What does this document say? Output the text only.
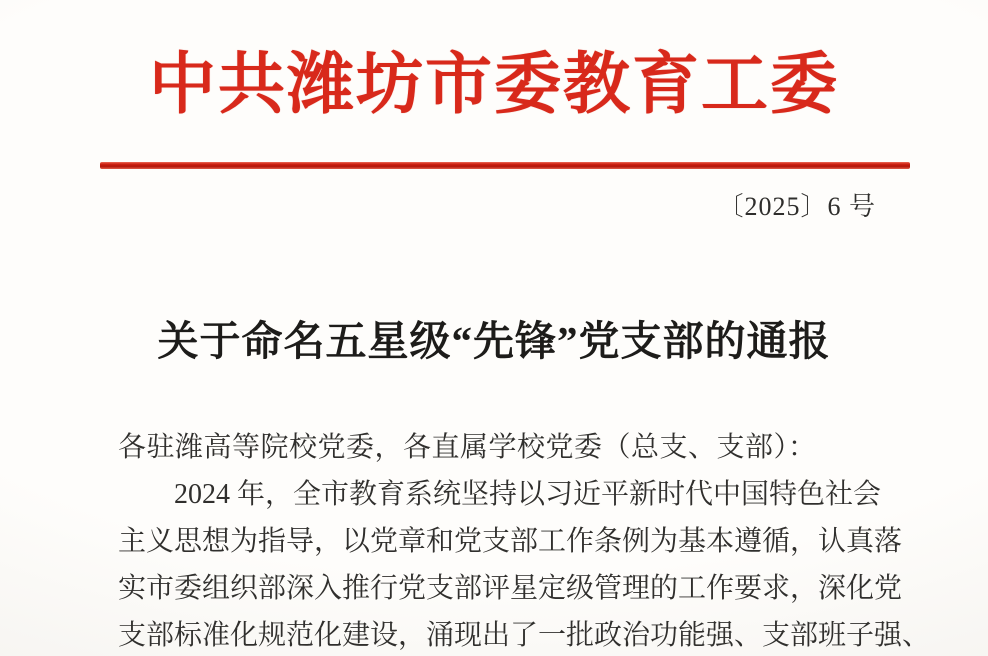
中共潍坊市委教育工委
〔2025〕6 号
关于命名五星级“先锋”党支部的通报
各驻潍高等院校党委，各直属学校党委（总支、支部）：
2024 年，全市教育系统坚持以习近平新时代中国特色社会
主义思想为指导，以党章和党支部工作条例为基本遵循，认真落
实市委组织部深入推行党支部评星定级管理的工作要求，深化党
支部标准化规范化建设，涌现出了一批政治功能强、支部班子强、
